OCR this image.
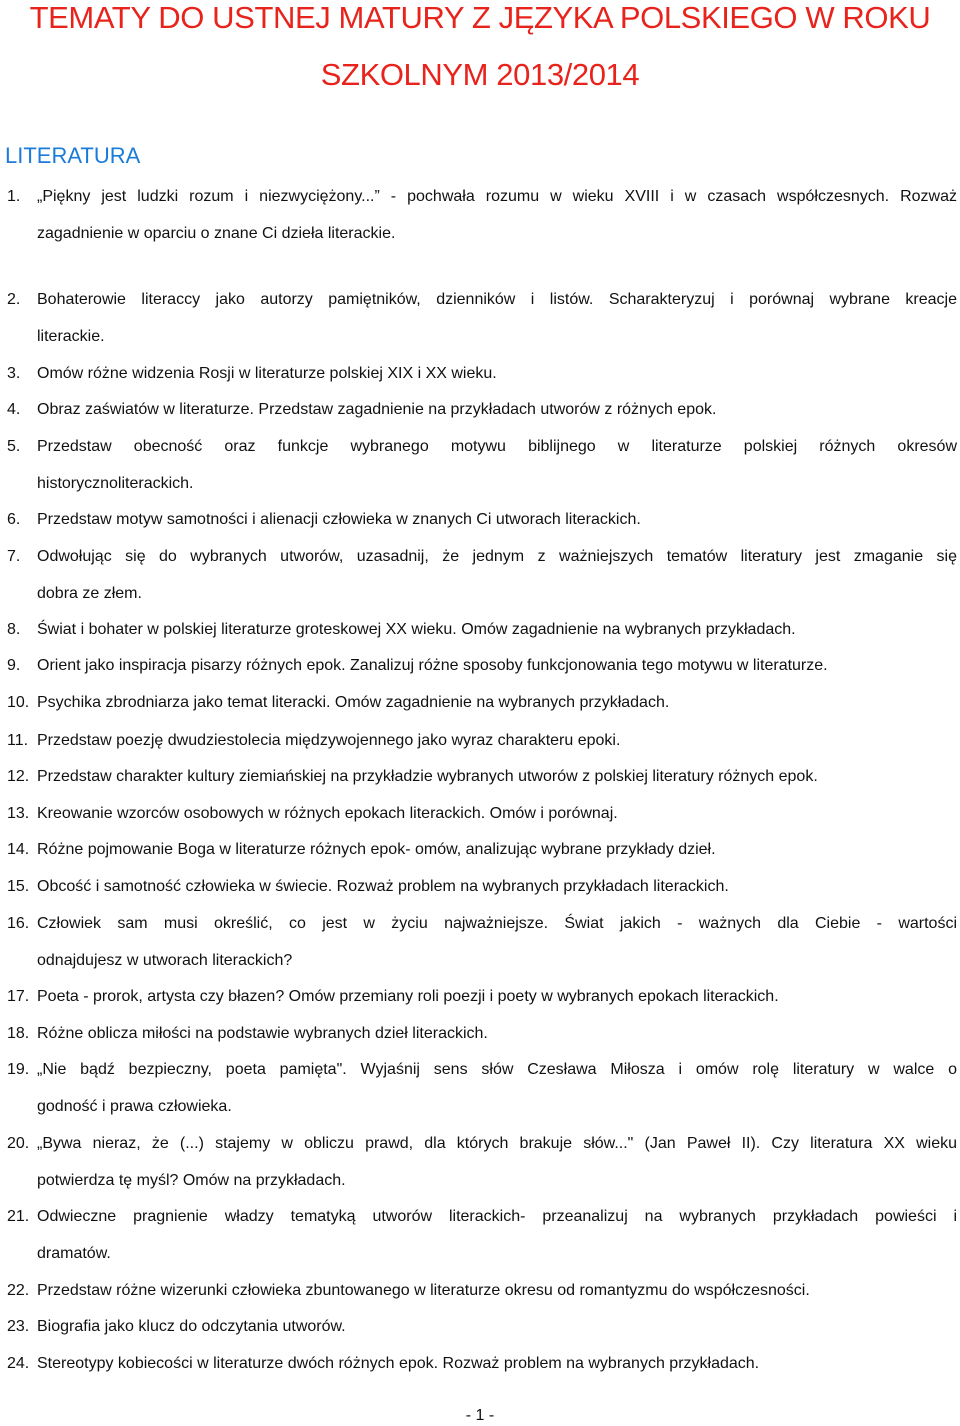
TEMATY DO USTNEJ MATURY Z JĘZYKA POLSKIEGO W ROKU
SZKOLNYM 2013/2014
LITERATURA
1. „Piękny jest ludzki rozum i niezwyciężony...” - pochwała rozumu w wieku XVIII i w czasach współczesnych. Rozważ
zagadnienie w oparciu o znane Ci dzieła literackie.
2. Bohaterowie literaccy jako autorzy pamiętników, dzienników i listów. Scharakteryzuj i porównaj wybrane kreacje
literackie.
3. Omów różne widzenia Rosji w literaturze polskiej XIX i XX wieku.
4. Obraz zaświatów w literaturze. Przedstaw zagadnienie na przykładach utworów z różnych epok.
5. Przedstaw obecność oraz funkcje wybranego motywu biblijnego w literaturze polskiej różnych okresów
historycznoliterackich.
6. Przedstaw motyw samotności i alienacji człowieka w znanych Ci utworach literackich.
7. Odwołując się do wybranych utworów, uzasadnij, że jednym z ważniejszych tematów literatury jest zmaganie się
dobra ze złem.
8. Świat i bohater w polskiej literaturze groteskowej XX wieku. Omów zagadnienie na wybranych przykładach.
9. Orient jako inspiracja pisarzy różnych epok. Zanalizuj różne sposoby funkcjonowania tego motywu w literaturze.
10. Psychika zbrodniarza jako temat literacki. Omów zagadnienie na wybranych przykładach.
11. Przedstaw poezję dwudziestolecia międzywojennego jako wyraz charakteru epoki.
12. Przedstaw charakter kultury ziemiańskiej na przykładzie wybranych utworów z polskiej literatury różnych epok.
13. Kreowanie wzorców osobowych w różnych epokach literackich. Omów i porównaj.
14. Różne pojmowanie Boga w literaturze różnych epok- omów, analizując wybrane przykłady dzieł.
15. Obcość i samotność człowieka w świecie. Rozważ problem na wybranych przykładach literackich.
16. Człowiek sam musi określić, co jest w życiu najważniejsze. Świat jakich - ważnych dla Ciebie - wartości
odnajdujesz w utworach literackich?
17. Poeta - prorok, artysta czy błazen? Omów przemiany roli poezji i poety w wybranych epokach literackich.
18. Różne oblicza miłości na podstawie wybranych dzieł literackich.
19. „Nie bądź bezpieczny, poeta pamięta". Wyjaśnij sens słów Czesława Miłosza i omów rolę literatury w walce o
godność i prawa człowieka.
20. „Bywa nieraz, że (...) stajemy w obliczu prawd, dla których brakuje słów..." (Jan Paweł II). Czy literatura XX wieku
potwierdza tę myśl? Omów na przykładach.
21. Odwieczne pragnienie władzy tematyką utworów literackich- przeanalizuj na wybranych przykładach powieści i
dramatów.
22. Przedstaw różne wizerunki człowieka zbuntowanego w literaturze okresu od romantyzmu do współczesności.
23. Biografia jako klucz do odczytania utworów.
24. Stereotypy kobiecości w literaturze dwóch różnych epok. Rozważ problem na wybranych przykładach.
- 1 -
